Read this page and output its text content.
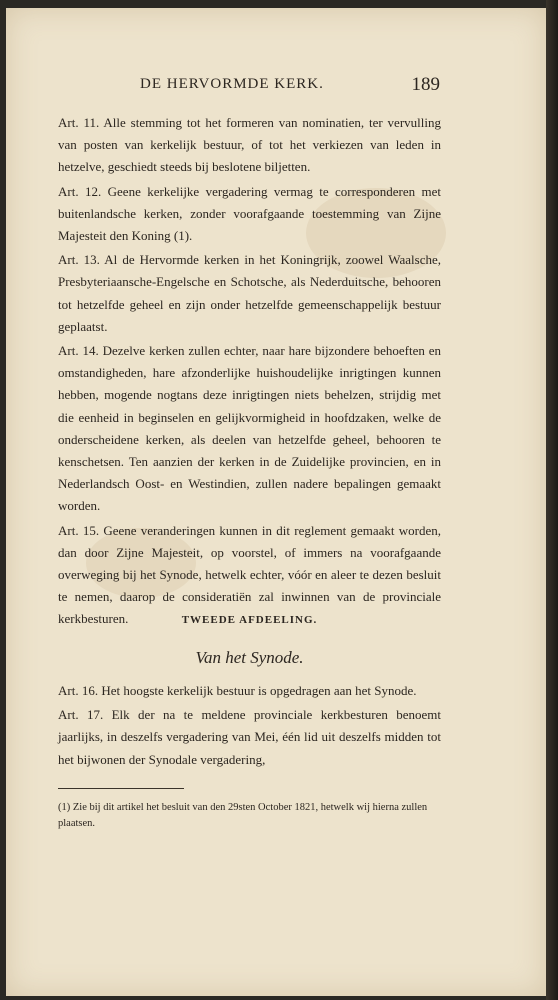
DE HERVORMDE KERK.	189

Art. 11. Alle stemming tot het formeren van nominatien, ter vervulling van posten van kerkelijk bestuur, of tot het verkiezen van leden in hetzelve, geschiedt steeds bij beslotene biljetten.

Art. 12. Geene kerkelijke vergadering vermag te corresponderen met buitenlandsche kerken, zonder voorafgaande toestemming van Zijne Majesteit den Koning (1).

Art. 13. Al de Hervormde kerken in het Koningrijk, zoowel Waalsche, Presbyteriaansche-Engelsche en Schotsche, als Nederduitsche, behooren tot hetzelfde geheel en zijn onder hetzelfde gemeenschappelijk bestuur geplaatst.

Art. 14. Dezelve kerken zullen echter, naar hare bijzondere behoeften en omstandigheden, hare afzonderlijke huishoudelijke inrigtingen kunnen hebben, mogende nogtans deze inrigtingen niets behelzen, strijdig met die eenheid in beginselen en gelijkvormigheid in hoofdzaken, welke de onderscheidene kerken, als deelen van hetzelfde geheel, behooren te kenschetsen. Ten aanzien der kerken in de Zuidelijke provincien, en in Nederlandsch Oost- en Westindien, zullen nadere bepalingen gemaakt worden.

Art. 15. Geene veranderingen kunnen in dit reglement gemaakt worden, dan door Zijne Majesteit, op voorstel, of immers na voorafgaande overweging bij het Synode, hetwelk echter, vóór en aleer te dezen besluit te nemen, daarop de consideratiën zal inwinnen van de provinciale kerkbesturen.	TWEEDE AFDEELING.
Van het Synode.

Art. 16. Het hoogste kerkelijk bestuur is opgedragen aan het Synode.

Art. 17. Elk der na te meldene provinciale kerkbesturen benoemt jaarlijks, in deszelfs vergadering van Mei, één lid uit deszelfs midden tot het bijwonen der Synodale vergadering,

(1) Zie bij dit artikel het besluit van den 29sten October 1821, hetwelk wij hierna zullen plaatsen.
